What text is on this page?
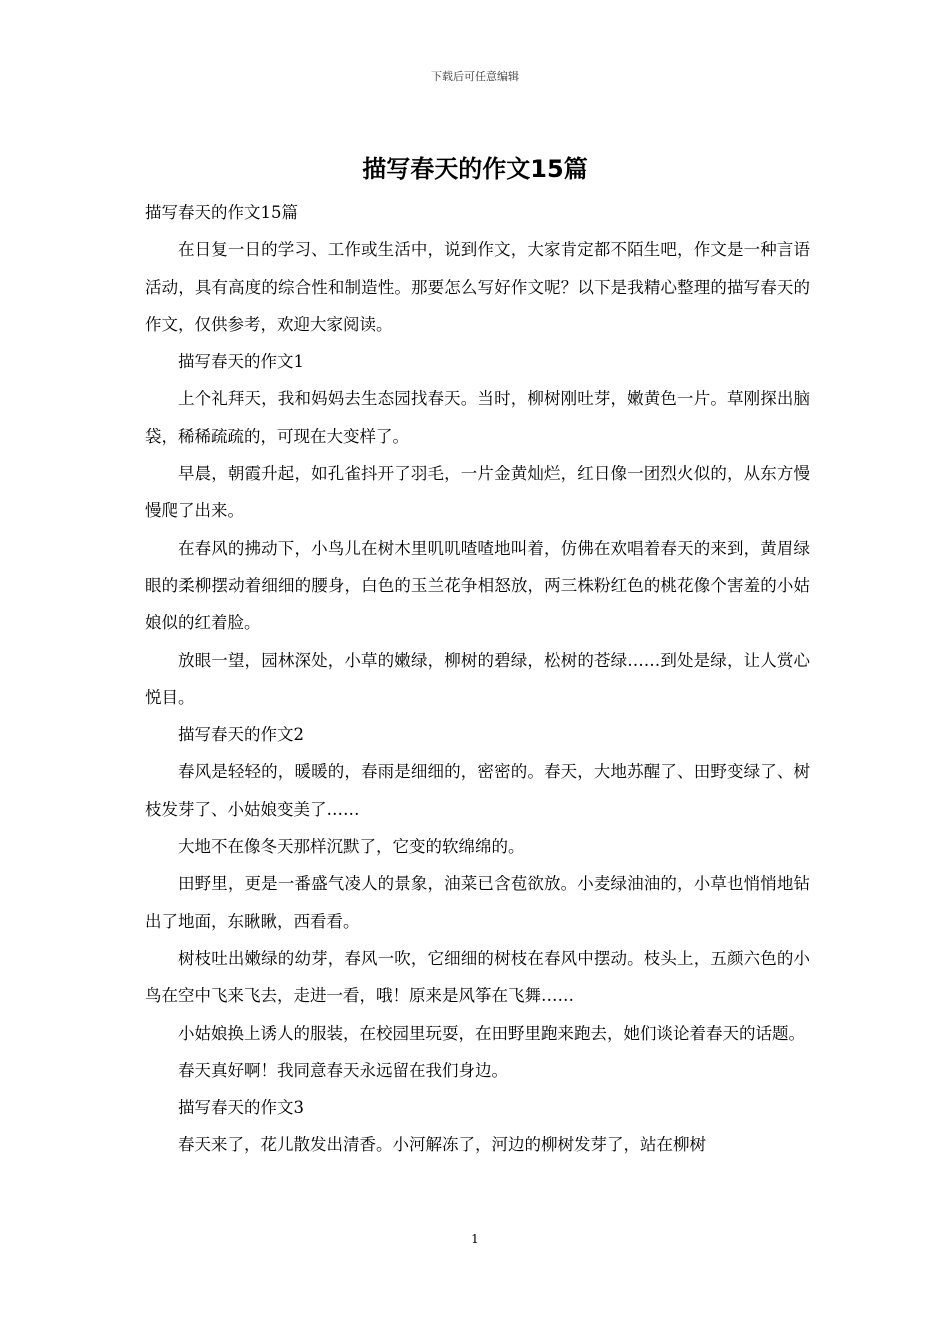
下载后可任意编辑
描写春天的作文15篇

描写春天的作文15篇

在日复一日的学习、工作或生活中，说到作文，大家肯定都不陌生吧，作文是一种言语活动，具有高度的综合性和制造性。那要怎么写好作文呢？以下是我精心整理的描写春天的作文，仅供参考，欢迎大家阅读。

描写春天的作文1

上个礼拜天，我和妈妈去生态园找春天。当时，柳树刚吐芽，嫩黄色一片。草刚探出脑袋，稀稀疏疏的，可现在大变样了。

早晨，朝霞升起，如孔雀抖开了羽毛，一片金黄灿烂，红日像一团烈火似的，从东方慢慢爬了出来。

在春风的拂动下，小鸟儿在树木里叽叽喳喳地叫着，仿佛在欢唱着春天的来到，黄眉绿眼的柔柳摆动着细细的腰身，白色的玉兰花争相怒放，两三株粉红色的桃花像个害羞的小姑娘似的红着脸。

放眼一望，园林深处，小草的嫩绿，柳树的碧绿，松树的苍绿……到处是绿，让人赏心悦目。

描写春天的作文2

春风是轻轻的，暖暖的，春雨是细细的，密密的。春天，大地苏醒了、田野变绿了、树枝发芽了、小姑娘变美了……

大地不在像冬天那样沉默了，它变的软绵绵的。

田野里，更是一番盛气凌人的景象，油菜已含苞欲放。小麦绿油油的，小草也悄悄地钻出了地面，东瞅瞅，西看看。

树枝吐出嫩绿的幼芽，春风一吹，它细细的树枝在春风中摆动。枝头上，五颜六色的小鸟在空中飞来飞去，走进一看，哦！原来是风筝在飞舞……

小姑娘换上诱人的服装，在校园里玩耍，在田野里跑来跑去，她们谈论着春天的话题。

春天真好啊！我同意春天永远留在我们身边。

描写春天的作文3

春天来了，花儿散发出清香。小河解冻了，河边的柳树发芽了，站在柳树

1
